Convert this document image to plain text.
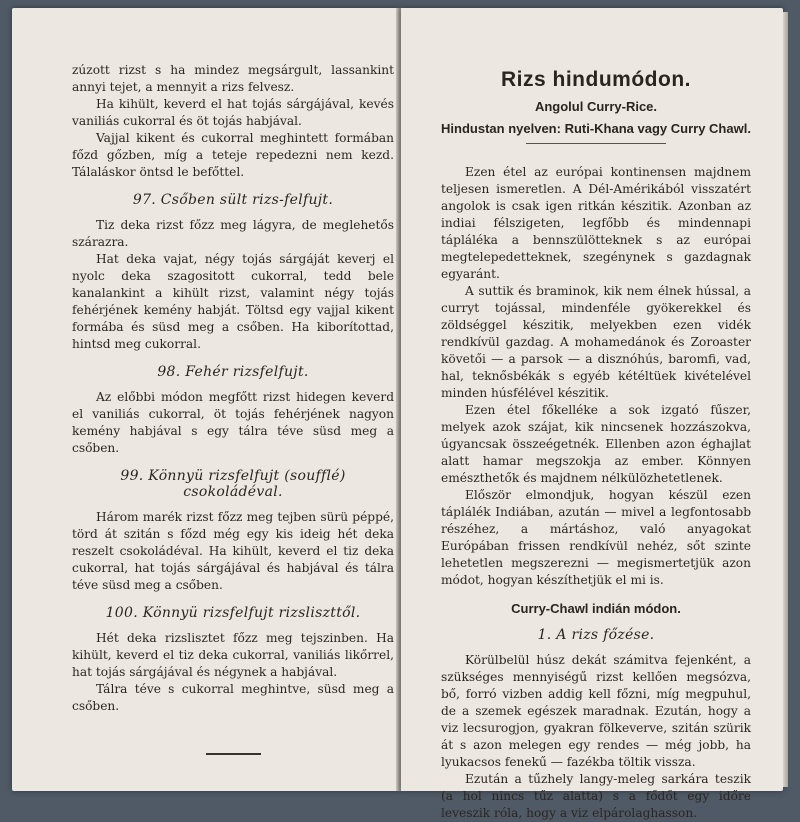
zúzott rizst s ha mindez megsárgult, lassankint annyi tejet, a mennyit a rizs felvesz.

Ha kihült, keverd el hat tojás sárgájával, kevés vaniliás cukorral és öt tojás habjával.

Vajjal kikent és cukorral meghintett formában főzd gőzben, míg a teteje repedezni nem kezd. Tálaláskor öntsd le befőttel.

97. Csőben sült rizs-felfujt.

Tiz deka rizst főzz meg lágyra, de meglehetős szárazra.

Hat deka vajat, négy tojás sárgáját keverj el nyolc deka szagositott cukorral, tedd bele kanalankint a kihült rizst, valamint négy tojás fehérjének kemény habját. Töltsd egy vajjal kikent formába és süsd meg a csőben. Ha kiborítottad, hintsd meg cukorral.

98. Fehér rizsfelfujt.

Az előbbi módon megfőtt rizst hidegen keverd el vaniliás cukorral, öt tojás fehérjének nagyon kemény habjával s egy tálra téve süsd meg a csőben.

99. Könnyü rizsfelfujt (soufflé) csokoládéval.

Három marék rizst főzz meg tejben sürü péppé, törd át szitán s főzd még egy kis ideig hét deka reszelt csokoládéval. Ha kihült, keverd el tiz deka cukorral, hat tojás sárgájával és habjával és tálra téve süsd meg a csőben.

100. Könnyü rizsfelfujt rizsliszttől.

Hét deka rizslisztet főzz meg tejszinben. Ha kihült, keverd el tiz deka cukorral, vaniliás likőrrel, hat tojás sárgájával és négynek a habjával.

Tálra téve s cukorral meghintve, süsd meg a csőben.

Rizs hindumódon.
Angolul Curry-Rice.
Hindustan nyelven: Ruti-Khana vagy Curry Chawl.

Ezen étel az európai kontinensen majdnem teljesen ismeretlen. A Dél-Amérikából visszatért angolok is csak igen ritkán készitik. Azonban az indiai félszigeten, legfőbb és mindennapi tápláléka a bennszülötteknek s az európai megtelepedetteknek, szegénynek s gazdagnak egyaránt.

A suttik és braminok, kik nem élnek hússal, a curryt tojással, mindenféle gyökerekkel és zöldséggel készitik, melyekben ezen vidék rendkívül gazdag. A mohamedánok és Zoroaster követői — a parsok — a disznóhús, baromfi, vad, hal, teknősbékák s egyéb kétéltüek kivételével minden húsfélével készitik.

Ezen étel főkelléke a sok izgató fűszer, melyek azok szájat, kik nincsenek hozzászokva, úgyancsak összeégetnék. Ellenben azon éghajlat alatt hamar megszokja az ember. Könnyen emészthetők és majdnem nélkülözhetetlenek.

Először elmondjuk, hogyan készül ezen táplálék Indiában, azután — mivel a legfontosabb részéhez, a mártáshoz, való anyagokat Európában frissen rendkívül nehéz, sőt szinte lehetetlen megszerezni — megismertetjük azon módot, hogyan készíthetjük el mi is.

Curry-Chawl indián módon.
1. A rizs főzése.

Körülbelül húsz dekát számitva fejenként, a szükséges mennyiségű rizst kellően megsózva, bő, forró vizben addig kell főzni, míg megpuhul, de a szemek egészek maradnak. Ezután, hogy a viz lecsurogjon, gyakran fölkeverve, szitán szürik át s azon melegen egy rendes — még jobb, ha lyukacsos fenekű — fazékba töltik vissza.

Ezután a tűzhely langy-meleg sarkára teszik (a hol nincs tűz alatta) s a fődőt egy időre leveszik róla, hogy a viz elpárolaghasson.
